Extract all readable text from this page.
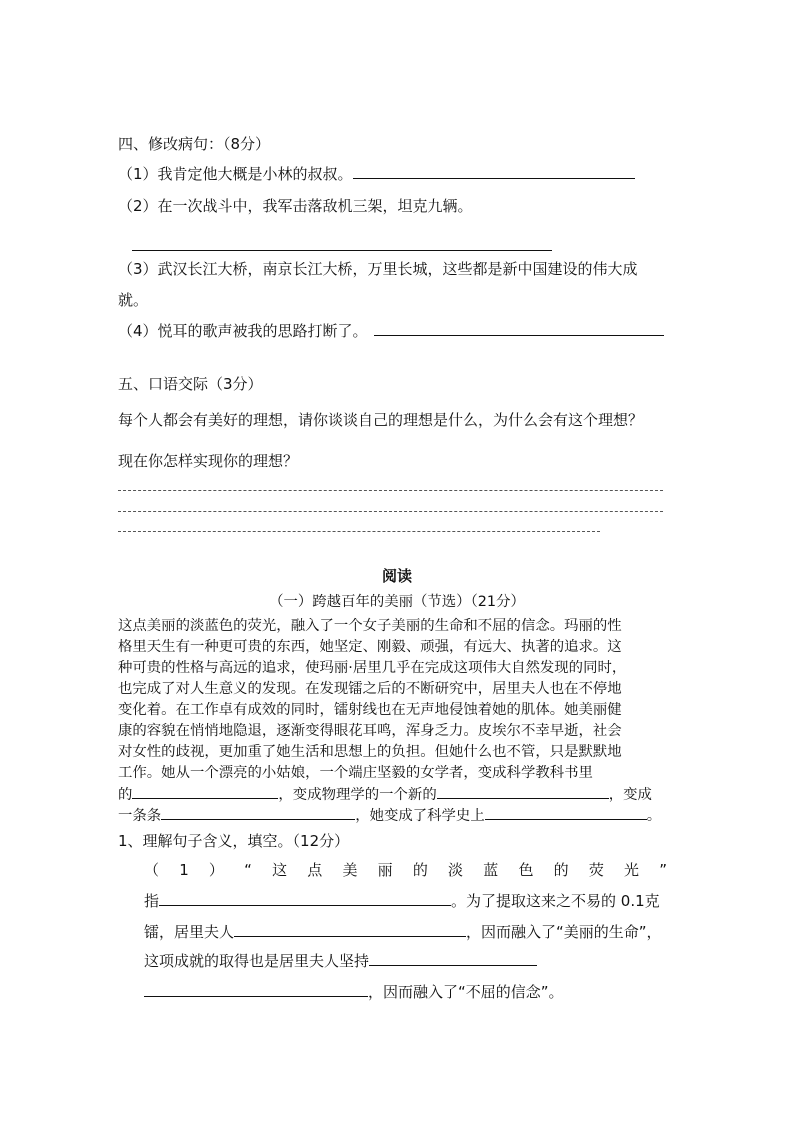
四、修改病句：（8分）
（1）我肯定他大概是小林的叔叔。
（2）在一次战斗中，我军击落敌机三架，坦克九辆。
（3）武汉长江大桥，南京长江大桥，万里长城，这些都是新中国建设的伟大成
就。
（4）悦耳的歌声被我的思路打断了。
五、口语交际（3分）
每个人都会有美好的理想，请你谈谈自己的理想是什么，为什么会有这个理想？
现在你怎样实现你的理想？
阅读
（一）跨越百年的美丽（节选）（21分）
这点美丽的淡蓝色的荧光，融入了一个女子美丽的生命和不屈的信念。玛丽的性
格里天生有一种更可贵的东西，她坚定、刚毅、顽强，有远大、执著的追求。这
种可贵的性格与高远的追求，使玛丽·居里几乎在完成这项伟大自然发现的同时，
也完成了对人生意义的发现。在发现镭之后的不断研究中，居里夫人也在不停地
变化着。在工作卓有成效的同时，镭射线也在无声地侵蚀着她的肌体。她美丽健
康的容貌在悄悄地隐退，逐渐变得眼花耳鸣，浑身乏力。皮埃尔不幸早逝，社会
对女性的歧视，更加重了她生活和思想上的负担。但她什么也不管，只是默默地
工作。她从一个漂亮的小姑娘，一个端庄坚毅的女学者，变成科学教科书里
的	，变成物理学的一个新的	，变成
一条条	，她变成了科学史上	。
1、理解句子含义，填空。（12分）
（1）“这点美丽的淡蓝色的荧光”
指	。为了提取这来之不易的 0.1克
镭，居里夫人	，因而融入了“美丽的生命”，
这项成就的取得也是居里夫人坚持
，因而融入了“不屈的信念”。
